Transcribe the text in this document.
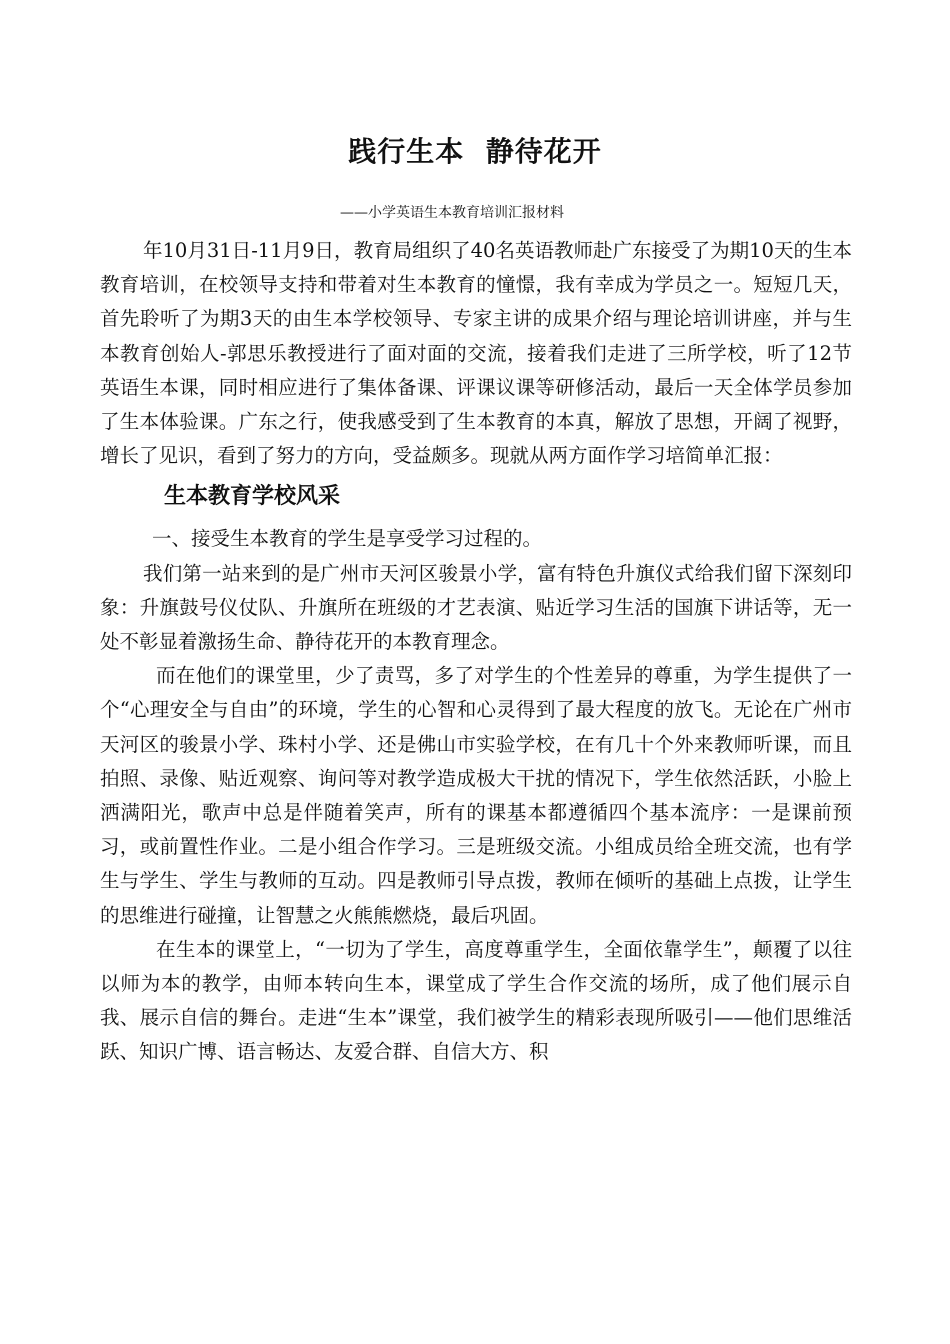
践行生本  静待花开
——小学英语生本教育培训汇报材料

年10月31日-11月9日，教育局组织了40名英语教师赴广东接受了为期10天的生本教育培训，在校领导支持和带着对生本教育的憧憬，我有幸成为学员之一。短短几天，首先聆听了为期3天的由生本学校领导、专家主讲的成果介绍与理论培训讲座，并与生本教育创始人-郭思乐教授进行了面对面的交流，接着我们走进了三所学校，听了12节英语生本课，同时相应进行了集体备课、评课议课等研修活动，最后一天全体学员参加了生本体验课。广东之行，使我感受到了生本教育的本真，解放了思想，开阔了视野，增长了见识，看到了努力的方向，受益颇多。现就从两方面作学习培简单汇报：

生本教育学校风采

一、接受生本教育的学生是享受学习过程的。

我们第一站来到的是广州市天河区骏景小学，富有特色升旗仪式给我们留下深刻印象：升旗鼓号仪仗队、升旗所在班级的才艺表演、贴近学习生活的国旗下讲话等，无一处不彰显着激扬生命、静待花开的本教育理念。

而在他们的课堂里，少了责骂，多了对学生的个性差异的尊重，为学生提供了一个“心理安全与自由”的环境，学生的心智和心灵得到了最大程度的放飞。无论在广州市天河区的骏景小学、珠村小学、还是佛山市实验学校，在有几十个外来教师听课，而且拍照、录像、贴近观察、询问等对教学造成极大干扰的情况下，学生依然活跃，小脸上洒满阳光，歌声中总是伴随着笑声，所有的课基本都遵循四个基本流序：一是课前预习，或前置性作业。二是小组合作学习。三是班级交流。小组成员给全班交流，也有学生与学生、学生与教师的互动。四是教师引导点拨，教师在倾听的基础上点拨，让学生的思维进行碰撞，让智慧之火熊熊燃烧，最后巩固。

在生本的课堂上，“一切为了学生，高度尊重学生，全面依靠学生”，颠覆了以往以师为本的教学，由师本转向生本，课堂成了学生合作交流的场所，成了他们展示自我、展示自信的舞台。走进“生本”课堂，我们被学生的精彩表现所吸引——他们思维活跃、知识广博、语言畅达、友爱合群、自信大方、积
